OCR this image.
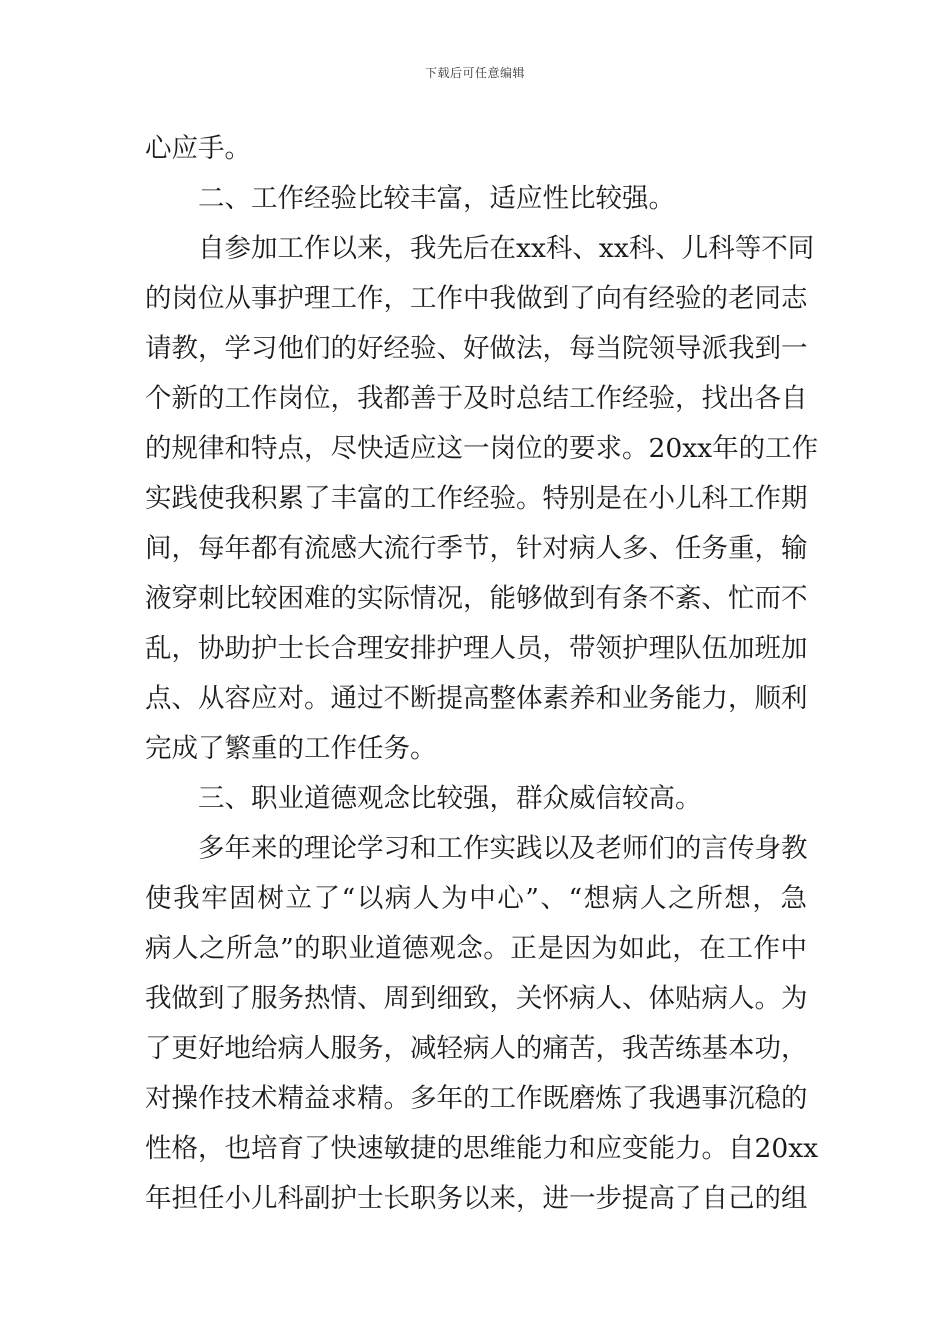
下载后可任意编辑
心应手。
二、工作经验比较丰富，适应性比较强。
自参加工作以来，我先后在xx科、xx科、儿科等不同
的岗位从事护理工作，工作中我做到了向有经验的老同志
请教，学习他们的好经验、好做法，每当院领导派我到一
个新的工作岗位，我都善于及时总结工作经验，找出各自
的规律和特点，尽快适应这一岗位的要求。20xx年的工作
实践使我积累了丰富的工作经验。特别是在小儿科工作期
间，每年都有流感大流行季节，针对病人多、任务重，输
液穿刺比较困难的实际情况，能够做到有条不紊、忙而不
乱，协助护士长合理安排护理人员，带领护理队伍加班加
点、从容应对。通过不断提高整体素养和业务能力，顺利
完成了繁重的工作任务。
三、职业道德观念比较强，群众威信较高。
多年来的理论学习和工作实践以及老师们的言传身教
使我牢固树立了“以病人为中心”、“想病人之所想，急
病人之所急”的职业道德观念。正是因为如此，在工作中
我做到了服务热情、周到细致，关怀病人、体贴病人。为
了更好地给病人服务，减轻病人的痛苦，我苦练基本功，
对操作技术精益求精。多年的工作既磨炼了我遇事沉稳的
性格，也培育了快速敏捷的思维能力和应变能力。自20xx
年担任小儿科副护士长职务以来，进一步提高了自己的组
